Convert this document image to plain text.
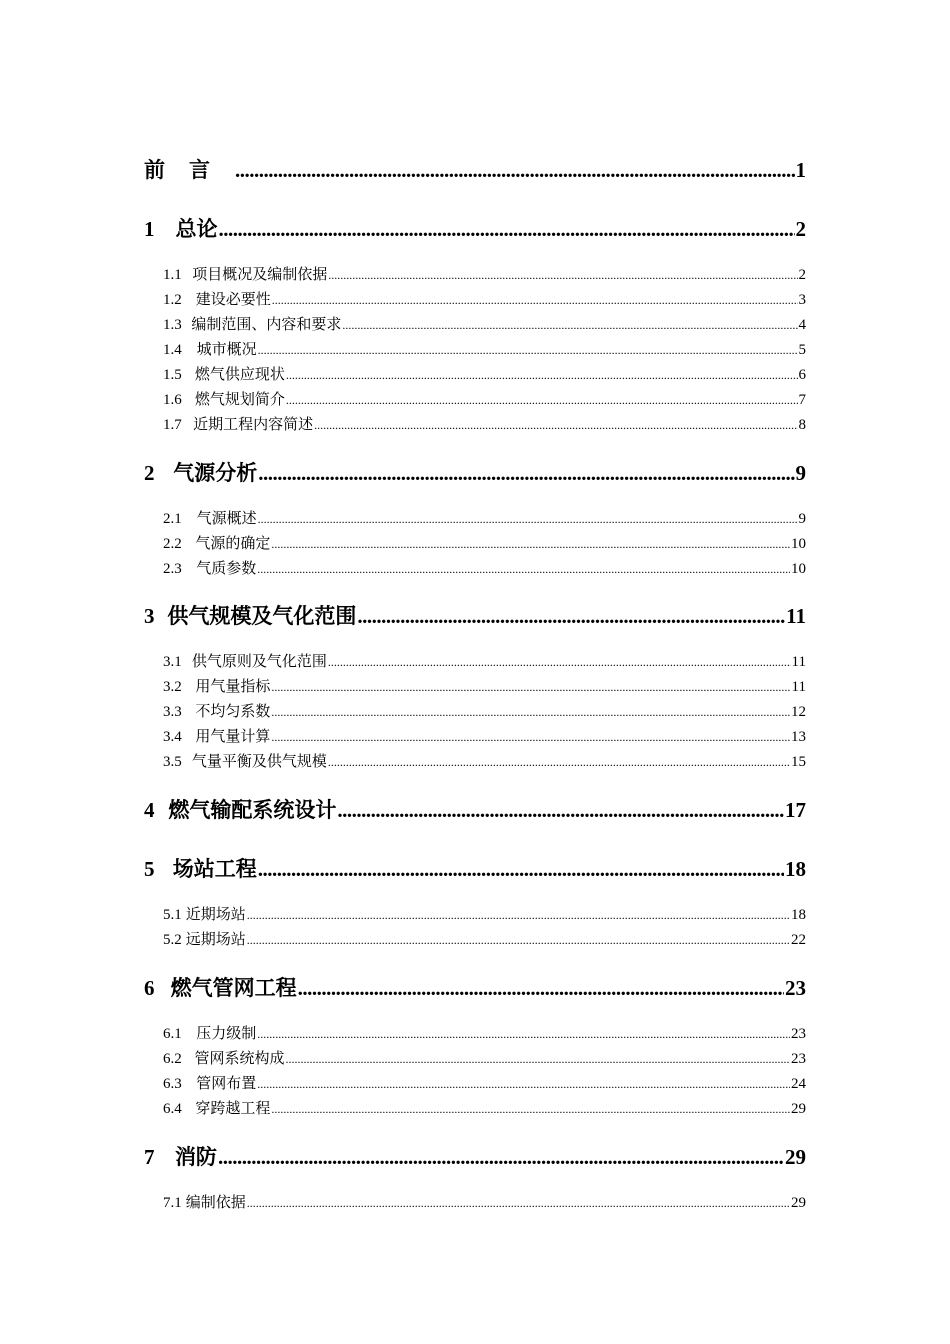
前言 .....	1
1 总论 .....	2
1.1 项目概况及编制依据 .....	2
1.2 建设必要性 .....	3
1.3 编制范围、内容和要求 .....	4
1.4 城市概况 .....	5
1.5 燃气供应现状 .....	6
1.6 燃气规划简介 .....	7
1.7 近期工程内容简述 .....	8
2 气源分析 .....	9
2.1 气源概述 .....	9
2.2 气源的确定 .....	10
2.3 气质参数 .....	10
3 供气规模及气化范围 .....	11
3.1 供气原则及气化范围 .....	11
3.2 用气量指标 .....	11
3.3 不均匀系数 .....	12
3.4 用气量计算 .....	13
3.5 气量平衡及供气规模 .....	15
4 燃气输配系统设计 .....	17
5 场站工程 .....	18
5.1 近期场站 .....	18
5.2 远期场站 .....	22
6 燃气管网工程 .....	23
6.1 压力级制 .....	23
6.2 管网系统构成 .....	23
6.3 管网布置 .....	24
6.4 穿跨越工程 .....	29
7 消防 .....	29
7.1 编制依据 .....	29
